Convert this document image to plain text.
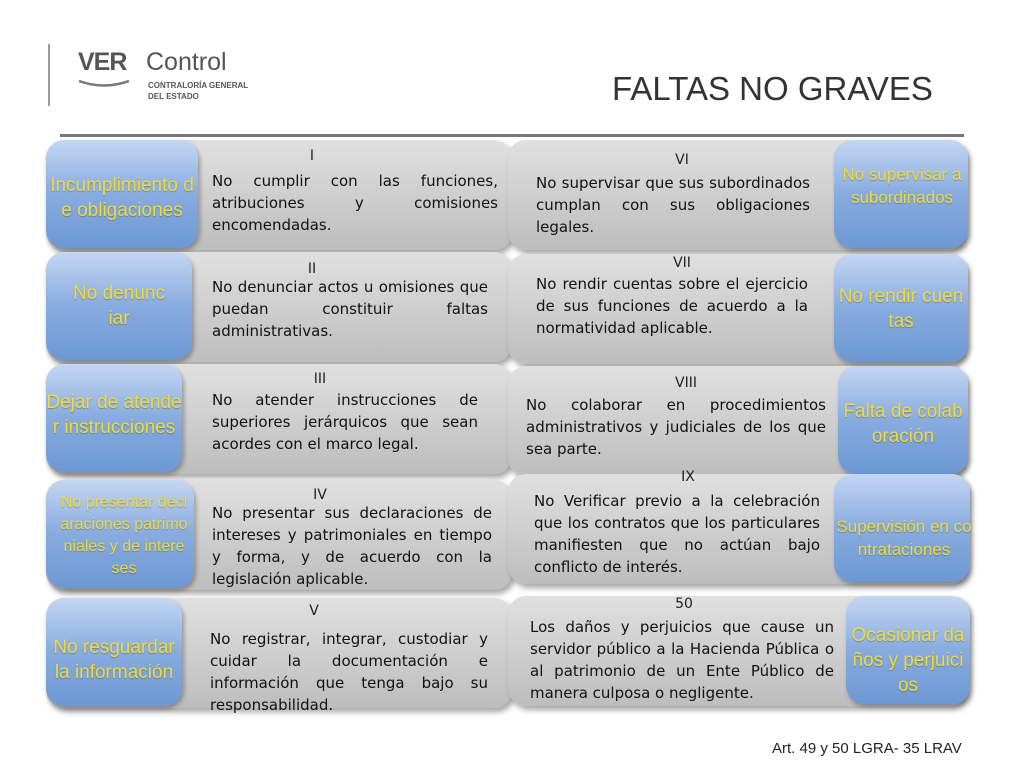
VER Control
CONTRALORÍA GENERAL
DEL ESTADO	FALTAS NO GRAVES
Incumplimiento de obligaciones
I
No cumplir con las funciones, atribuciones y comisiones encomendadas.
No denunciar
II
No denunciar actos u omisiones que puedan constituir faltas administrativas.
Dejar de atender instrucciones
III
No atender instrucciones de superiores jerárquicos que sean acordes con el marco legal.
No presentar declaraciones patrimoniales y de intereses
IV
No presentar sus declaraciones de intereses y patrimoniales en tiempo y forma, y de acuerdo con la legislación aplicable.
No resguardar la información
V
No registrar, integrar, custodiar y cuidar la documentación e información que tenga bajo su responsabilidad.
No supervisar a subordinados
VI
No supervisar que sus subordinados cumplan con sus obligaciones legales.
No rendir cuentas
VII
No rendir cuentas sobre el ejercicio de sus funciones de acuerdo a la normatividad aplicable.
Falta de colaboración
VIII
No colaborar en procedimientos administrativos y judiciales de los que sea parte.
Supervisión en contrataciones
IX
No Verificar previo a la celebración que los contratos que los particulares manifiesten que no actúan bajo conflicto de interés.
Ocasionar daños y perjuicios
50
Los daños y perjuicios que cause un servidor público a la Hacienda Pública o al patrimonio de un Ente Público de manera culposa o negligente.
Art. 49 y 50 LGRA- 35 LRAV
